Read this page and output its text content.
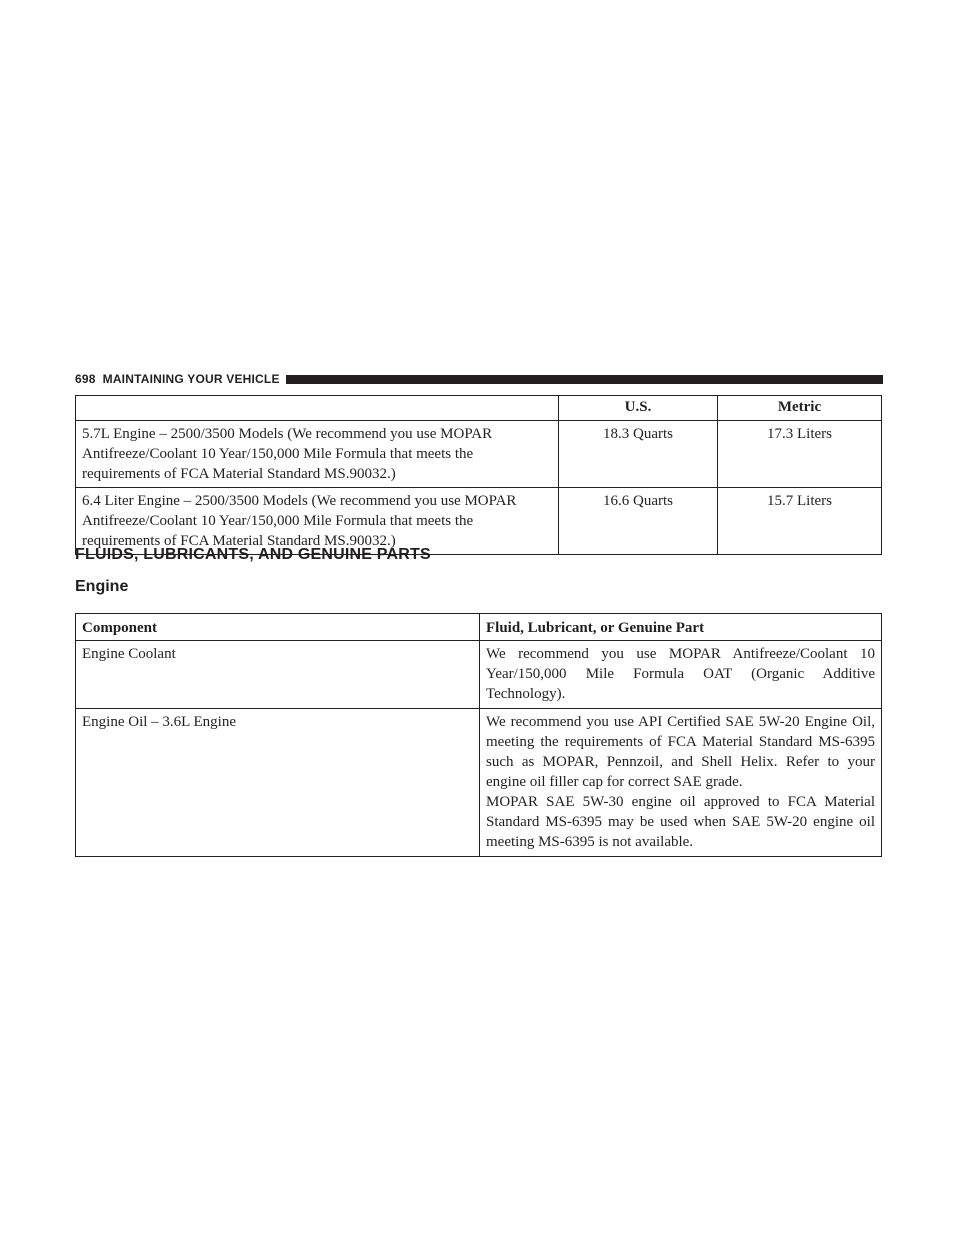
698 MAINTAINING YOUR VEHICLE
	U.S.	Metric
5.7L Engine – 2500/3500 Models (We recommend you use MOPAR Antifreeze/Coolant 10 Year/150,000 Mile Formula that meets the requirements of FCA Material Standard MS.90032.)	18.3 Quarts	17.3 Liters
6.4 Liter Engine – 2500/3500 Models (We recommend you use MOPAR Antifreeze/Coolant 10 Year/150,000 Mile Formula that meets the requirements of FCA Material Standard MS.90032.)	16.6 Quarts	15.7 Liters
FLUIDS, LUBRICANTS, AND GENUINE PARTS
Engine
Component	Fluid, Lubricant, or Genuine Part
Engine Coolant	We recommend you use MOPAR Antifreeze/Coolant 10 Year/150,000 Mile Formula OAT (Organic Additive Technology).

Engine Oil – 3.6L Engine	We recommend you use API Certified SAE 5W-20 Engine Oil, meeting the requirements of FCA Material Standard MS-6395 such as MOPAR, Pennzoil, and Shell Helix. Refer to your engine oil filler cap for correct SAE grade.

MOPAR SAE 5W-30 engine oil approved to FCA Material Standard MS-6395 may be used when SAE 5W-20 engine oil meeting MS-6395 is not available.
